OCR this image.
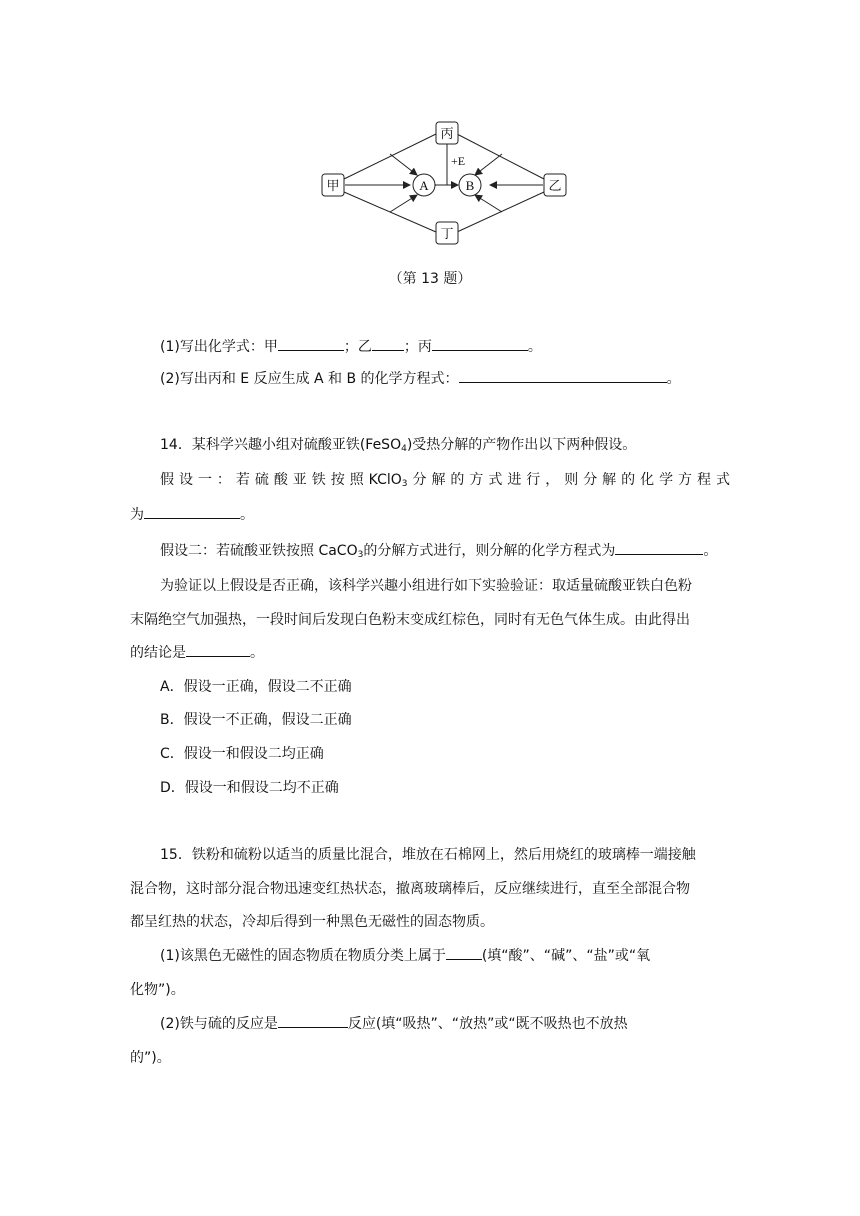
丙
甲	乙
丁
A	B
+E
（第 13 题）
(1)写出化学式：甲	；乙 ；丙	。
(2)写出丙和 E 反应生成 A 和 B 的化学方程式：	。
14．某科学兴趣小组对硫酸亚铁(FeSO$_4$)受热分解的产物作出以下两种假设。
假 设 一 ： 若 硫 酸 亚 铁 按 照 KClO$_3$ 分 解 的 方 式 进 行 ， 则 分 解 的 化 学 方 程 式
为	。
假设二：若硫酸亚铁按照 CaCO$_3$的分解方式进行，则分解的化学方程式为	。
为验证以上假设是否正确，该科学兴趣小组进行如下实验验证：取适量硫酸亚铁白色粉
末隔绝空气加强热，一段时间后发现白色粉末变成红棕色，同时有无色气体生成。由此得出
的结论是	。
A．假设一正确，假设二不正确
B．假设一不正确，假设二正确
C．假设一和假设二均正确
D．假设一和假设二均不正确
15．铁粉和硫粉以适当的质量比混合，堆放在石棉网上，然后用烧红的玻璃棒一端接触
混合物，这时部分混合物迅速变红热状态，撤离玻璃棒后，反应继续进行，直至全部混合物
都呈红热的状态，冷却后得到一种黑色无磁性的固态物质。
(1)该黑色无磁性的固态物质在物质分类上属于	(填“酸”、“碱”、“盐”或“氧
化物”)。
(2)铁与硫的反应是	反应(填“吸热”、“放热”或“既不吸热也不放热
的”)。
